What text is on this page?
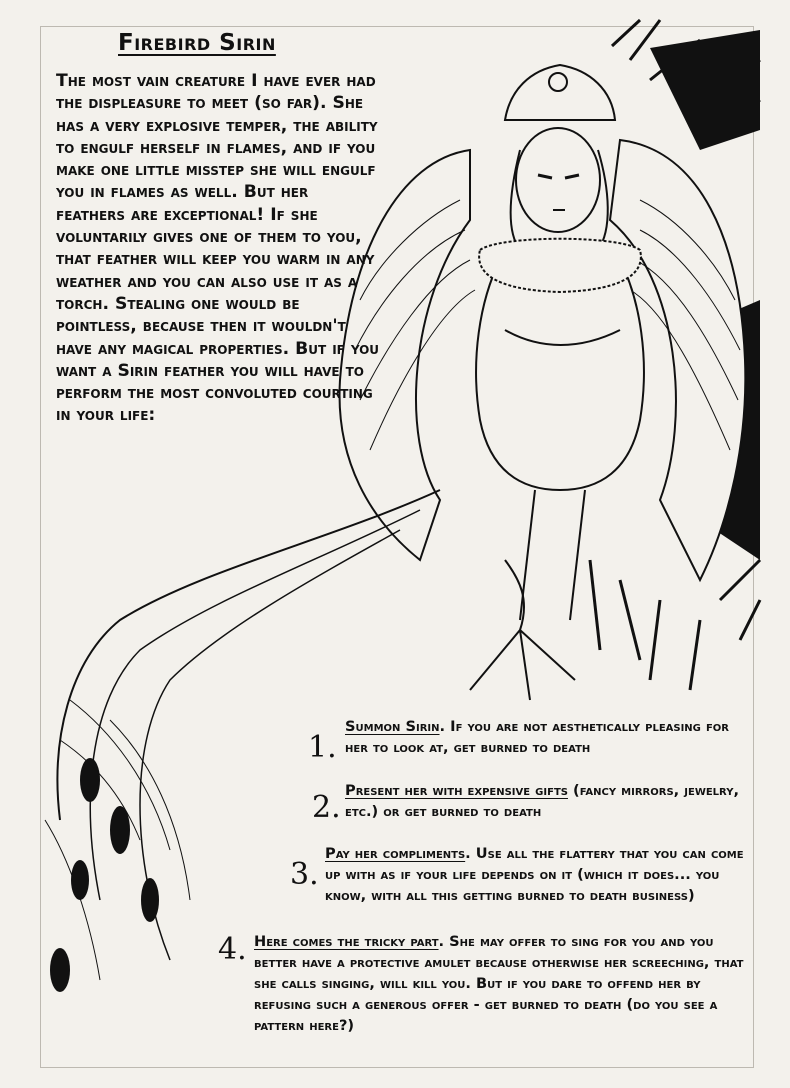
Firebird Sirin

The most vain creature I have ever had the displeasure to meet (so far). She has a very explosive temper, the ability to engulf herself in flames, and if you make one little misstep she will engulf you in flames as well. But her feathers are exceptional! If she voluntarily gives one of them to you, that feather will keep you warm in any weather and you can also use it as a torch. Stealing one would be pointless, because then it wouldn't have any magical properties. But if you want a Sirin feather you will have to perform the most convoluted courting in your life:

1.
Summon Sirin. If you are not aesthetically pleasing for her to look at, get burned to death
2. Present her with expensive gifts (fancy mirrors, jewelry, etc.) or get burned to death
3.
Pay her compliments. Use all the flattery that you can come up with as if your life depends on it (which it does... you know, with all this getting burned to death business)
4. Here comes the tricky part. She may offer to sing for you and you better have a protective amulet because otherwise her screeching, that she calls singing, will kill you. But if you dare to offend her by refusing such a generous offer - get burned to death (do you see a pattern here?)
